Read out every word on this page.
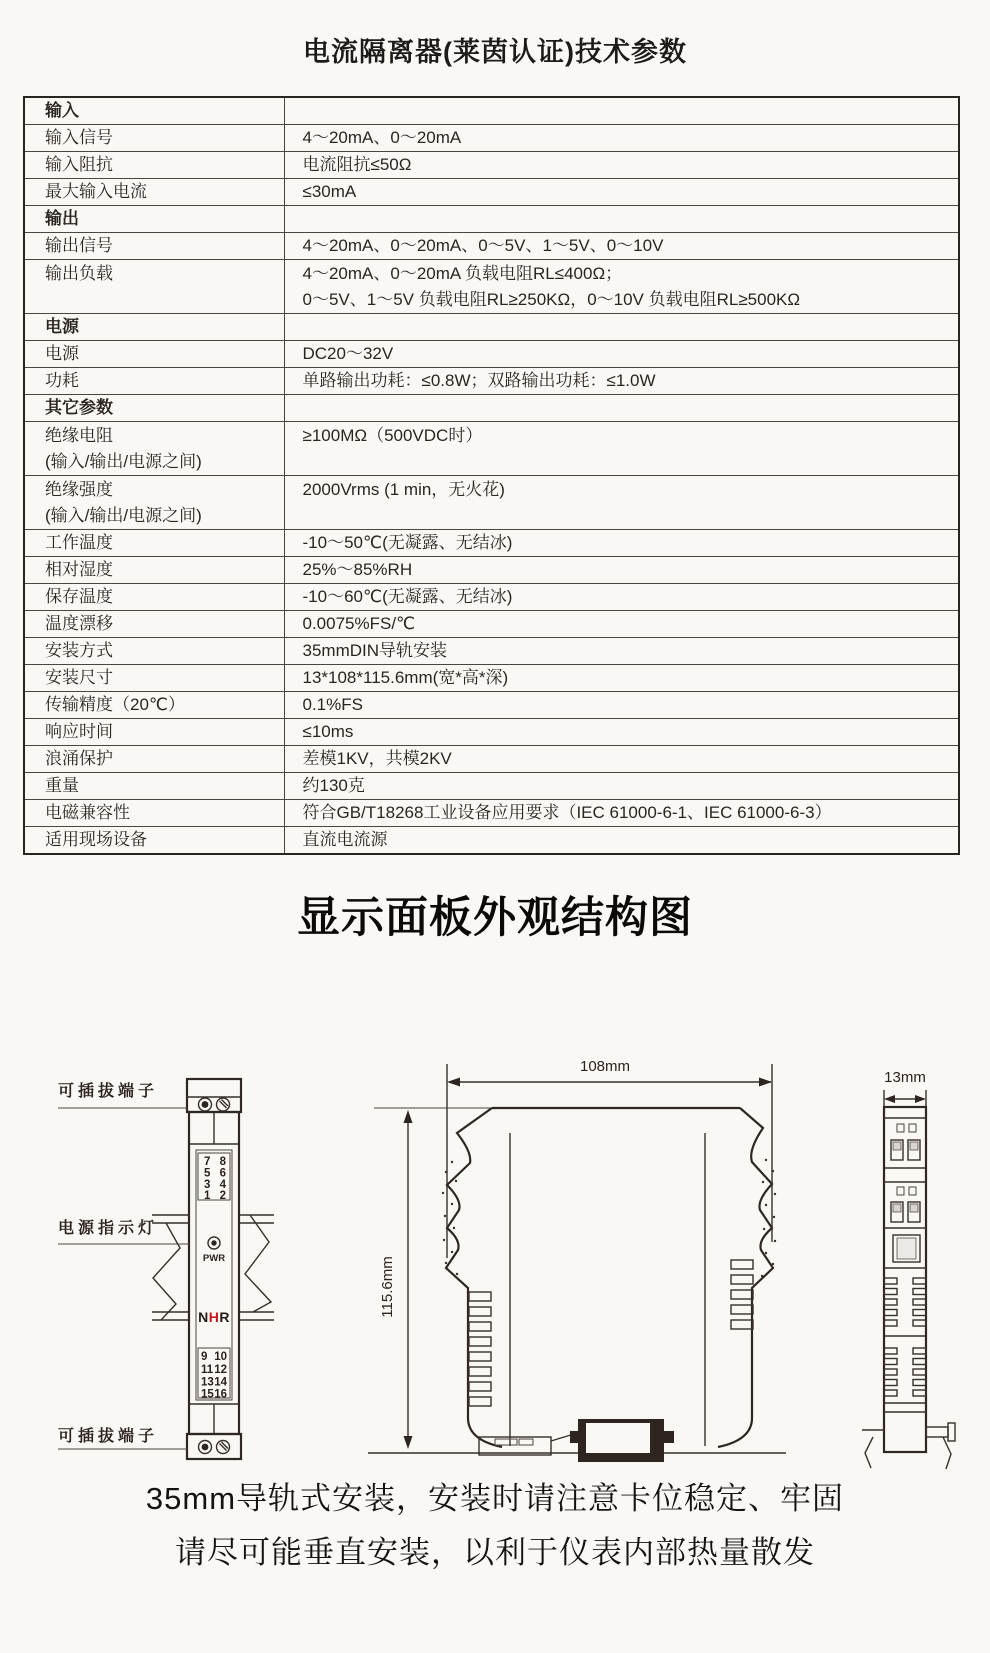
电流隔离器(莱茵认证)技术参数
输入	
输入信号	4～20mA、0～20mA
输入阻抗	电流阻抗≤50Ω
最大输入电流	≤30mA
输出	
输出信号	4～20mA、0～20mA、0～5V、1～5V、0～10V
输出负载	4～20mA、0～20mA 负载电阻RL≤400Ω；
0～5V、1～5V 负载电阻RL≥250KΩ，0～10V 负载电阻RL≥500KΩ

电源	
电源	DC20～32V
功耗	单路输出功耗：≤0.8W；双路输出功耗：≤1.0W
其它参数	

绝缘电阻
(输入/输出/电源之间)	≥100MΩ（500VDC时）

绝缘强度
(输入/输出/电源之间)	2000Vrms (1 min，无火花)
工作温度	-10～50℃(无凝露、无结冰)
相对湿度	25%～85%RH
保存温度	-10～60℃(无凝露、无结冰)
温度漂移	0.0075%FS/℃
安装方式	35mmDIN导轨安装
安装尺寸	13*108*115.6mm(宽*高*深)
传输精度（20℃）	0.1%FS
响应时间	≤10ms
浪涌保护	差模1KV，共模2KV
重量	约130克
电磁兼容性	符合GB/T18268工业设备应用要求（IEC 61000-6-1、IEC 61000-6-3）
适用现场设备	直流电流源
显示面板外观结构图
7 8
5 6
3 4
1 2
PWR
NHR
9 10
11 12
13 14
15 16
可插拔端子
电源指示灯
可插拔端子
108mm
115.6mm
13mm
35mm导轨式安装，安装时请注意卡位稳定、牢固
请尽可能垂直安装，以利于仪表内部热量散发
